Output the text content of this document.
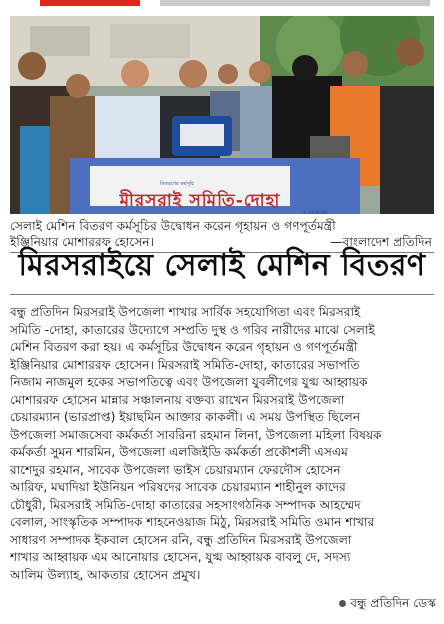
বিতরণের কর্মসূচি
মীরসরাই সমিতি-দোহা
ও সাংস্কৃতিক
সেলাই মেশিন বিতরণ কর্মসূচির উদ্বোধন করেন গৃহায়ন ও গণপূর্তমন্ত্রী
ইঞ্জিনিয়ার মোশাররফ হোসেন।	—বাংলাদেশ প্রতিদিন
মিরসরাইয়ে সেলাই মেশিন বিতরণ
বন্ধু প্রতিদিন মিরসরাই উপজেলা শাখার সার্বিক সহযোগিতা এবং মিরসরাই
সমিতি -দোহা, কাতারের উদ্যোগে সম্প্রতি দুস্থ ও গরিব নারীদের মাঝে সেলাই
মেশিন বিতরণ করা হয়। এ কর্মসূচির উদ্বোধন করেন গৃহায়ন ও গণপূর্তমন্ত্রী
ইঞ্জিনিয়ার মোশাররফ হোসেন। মিরসরাই সমিতি-দোহা, কাতারের সভাপতি
নিজাম নাজমুল হকের সভাপতিত্বে এবং উপজেলা যুবলীগের যুগ্ম আহ্বায়ক
মোশাররফ হোসেন মান্নার সঞ্চালনায় বক্তব্য রাখেন মিরসরাই উপজেলা
চেয়ারম্যান (ভারপ্রাপ্ত) ইয়াছমিন আক্তার কাকলী। এ সময় উপস্থিত ছিলেন
উপজেলা সমাজসেবা কর্মকর্তা সাবরিনা রহমান লিনা, উপজেলা মহিলা বিষয়ক
কর্মকর্তা সুমন শারমিন, উপজেলা এলজিইডি কর্মকর্তা প্রকৌশলী এসএম
রাশেদুর রহমান, সাবেক উপজেলা ভাইস চেয়ারম্যান ফেরদৌস হোসেন
আরিফ, মঘাদিয়া ইউনিয়ন পরিষদের সাবেক চেয়ারম্যান শাহীনুল কাদের
চৌধুরী, মিরসরাই সমিতি-দোহা কাতারের সহসাংগঠনিক সম্পাদক আহম্মেদ
বেলাল, সাংস্কৃতিক সম্পাদক শাহনেওয়াজ মিঠু, মিরসরাই সমিতি ওমান শাখার
সাধারণ সম্পাদক ইকবাল হোসেন রনি, বন্ধু প্রতিদিন মিরসরাই উপজেলা
শাখার আহ্বায়ক এম আনোয়ার হোসেন, যুগ্ম আহ্বায়ক বাবলু দে, সদস্য
আলিম উল্যাহ, আকতার হোসেন প্রমুখ।
বন্ধু প্রতিদিন ডেস্ক
